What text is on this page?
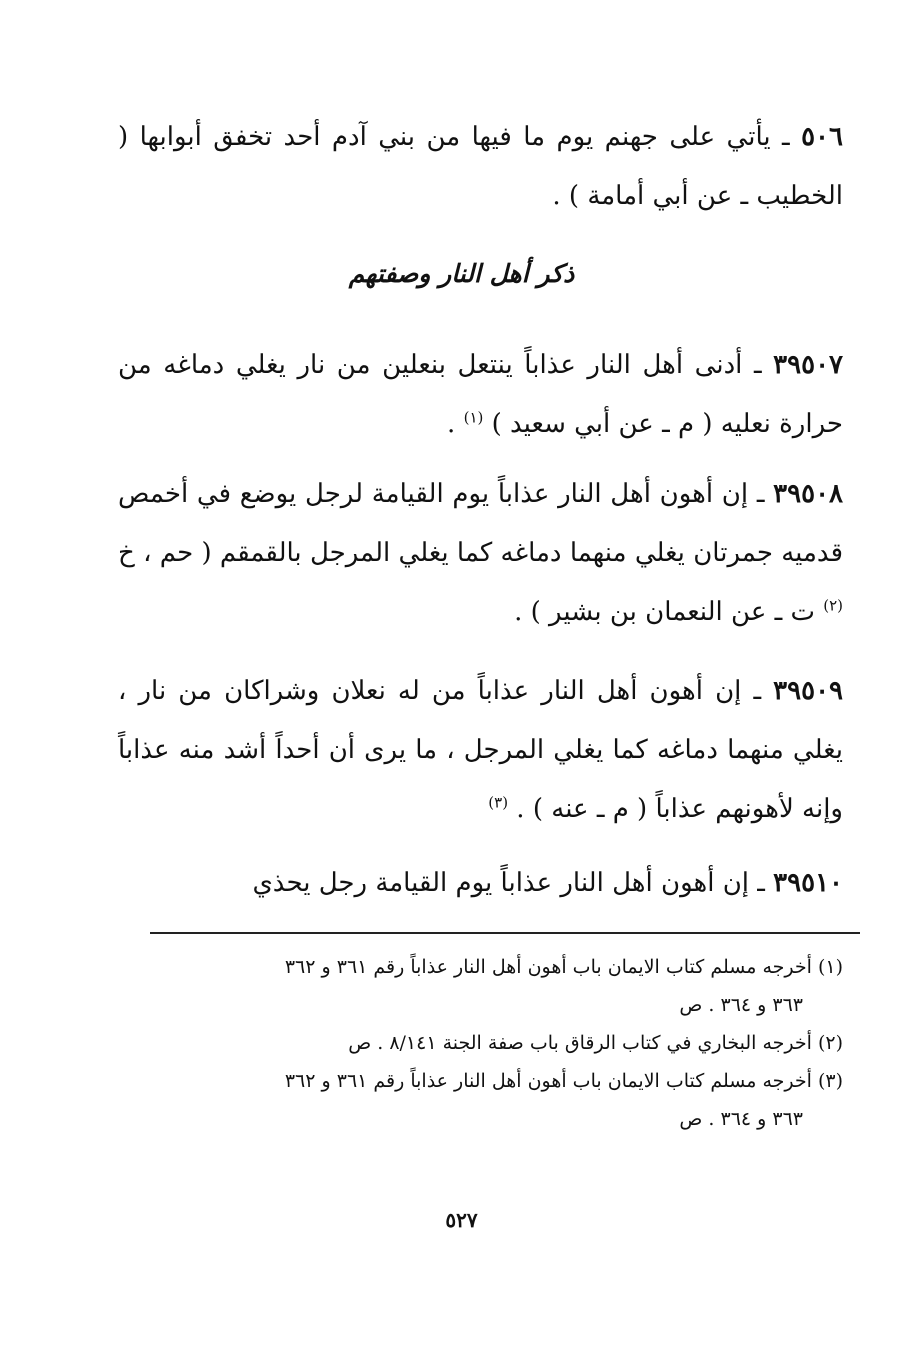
٥٠٦ ـ يأتي على جهنم يوم ما فيها من بني آدم أحد تخفق أبوابها ( الخطيب ـ عن أبي أمامة ) .

ذكر أهل النار وصفتهم

٣٩٥٠٧ ـ أدنى أهل النار عذاباً ينتعل بنعلين من نار يغلي دماغه من حرارة نعليه ( م ـ عن أبي سعيد ) $^{(١)}$ .

٣٩٥٠٨ ـ إن أهون أهل النار عذاباً يوم القيامة لرجل يوضع في أخمص قدميه جمرتان يغلي منهما دماغه كما يغلي المرجل بالقمقم ( حم ، خ $^{(٢)}$ ت ـ عن النعمان بن بشير ) .

٣٩٥٠٩ ـ إن أهون أهل النار عذاباً من له نعلان وشراكان من نار ، يغلي منهما دماغه كما يغلي المرجل ، ما يرى أن أحداً أشد منه عذاباً وإنه لأهونهم عذاباً ( م ـ عنه ) . $^{(٣)}$

٣٩٥١٠ ـ إن أهون أهل النار عذاباً يوم القيامة رجل يحذي

(١) أخرجه مسلم كتاب الايمان باب أهون أهل النار عذاباً رقم ٣٦١ و ٣٦٢
٣٦٣ و ٣٦٤ . ص
(٢) أخرجه البخاري في كتاب الرقاق باب صفة الجنة ٨/١٤١ . ص
(٣) أخرجه مسلم كتاب الايمان باب أهون أهل النار عذاباً رقم ٣٦١ و ٣٦٢
٣٦٣ و ٣٦٤ . ص
٥٢٧
